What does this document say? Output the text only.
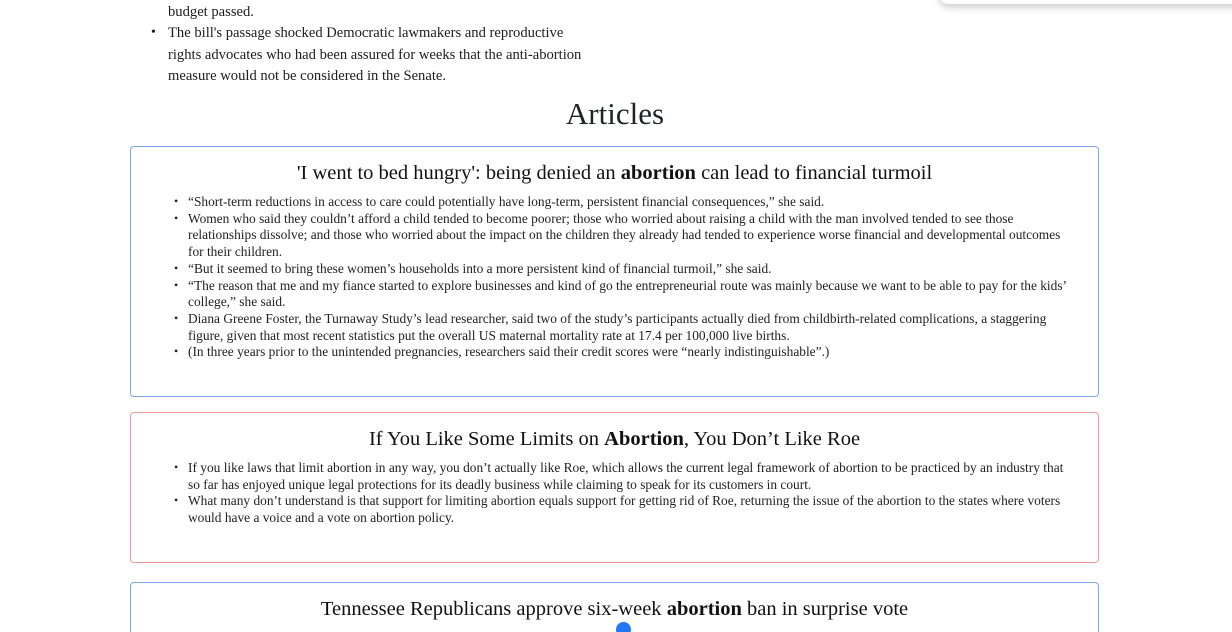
budget passed.
• The bill's passage shocked Democratic lawmakers and reproductive rights advocates who had been assured for weeks that the anti-abortion measure would not be considered in the Senate.
Articles
'I went to bed hungry': being denied an abortion can lead to financial turmoil
• “Short-term reductions in access to care could potentially have long-term, persistent financial consequences,” she said.
• Women who said they couldn’t afford a child tended to become poorer; those who worried about raising a child with the man involved tended to see those relationships dissolve; and those who worried about the impact on the children they already had tended to experience worse financial and developmental outcomes for their children.
• “But it seemed to bring these women’s households into a more persistent kind of financial turmoil,” she said.
• “The reason that me and my fiance started to explore businesses and kind of go the entrepreneurial route was mainly because we want to be able to pay for the kids’ college,” she said.
• Diana Greene Foster, the Turnaway Study’s lead researcher, said two of the study’s participants actually died from childbirth-related complications, a staggering figure, given that most recent statistics put the overall US maternal mortality rate at 17.4 per 100,000 live births.
• (In three years prior to the unintended pregnancies, researchers said their credit scores were “nearly indistinguishable”.)
If You Like Some Limits on Abortion, You Don’t Like Roe
• If you like laws that limit abortion in any way, you don’t actually like Roe, which allows the current legal framework of abortion to be practiced by an industry that so far has enjoyed unique legal protections for its deadly business while claiming to speak for its customers in court.
• What many don’t understand is that support for limiting abortion equals support for getting rid of Roe, returning the issue of the abortion to the states where voters would have a voice and a vote on abortion policy.
Tennessee Republicans approve six-week abortion ban in surprise vote
